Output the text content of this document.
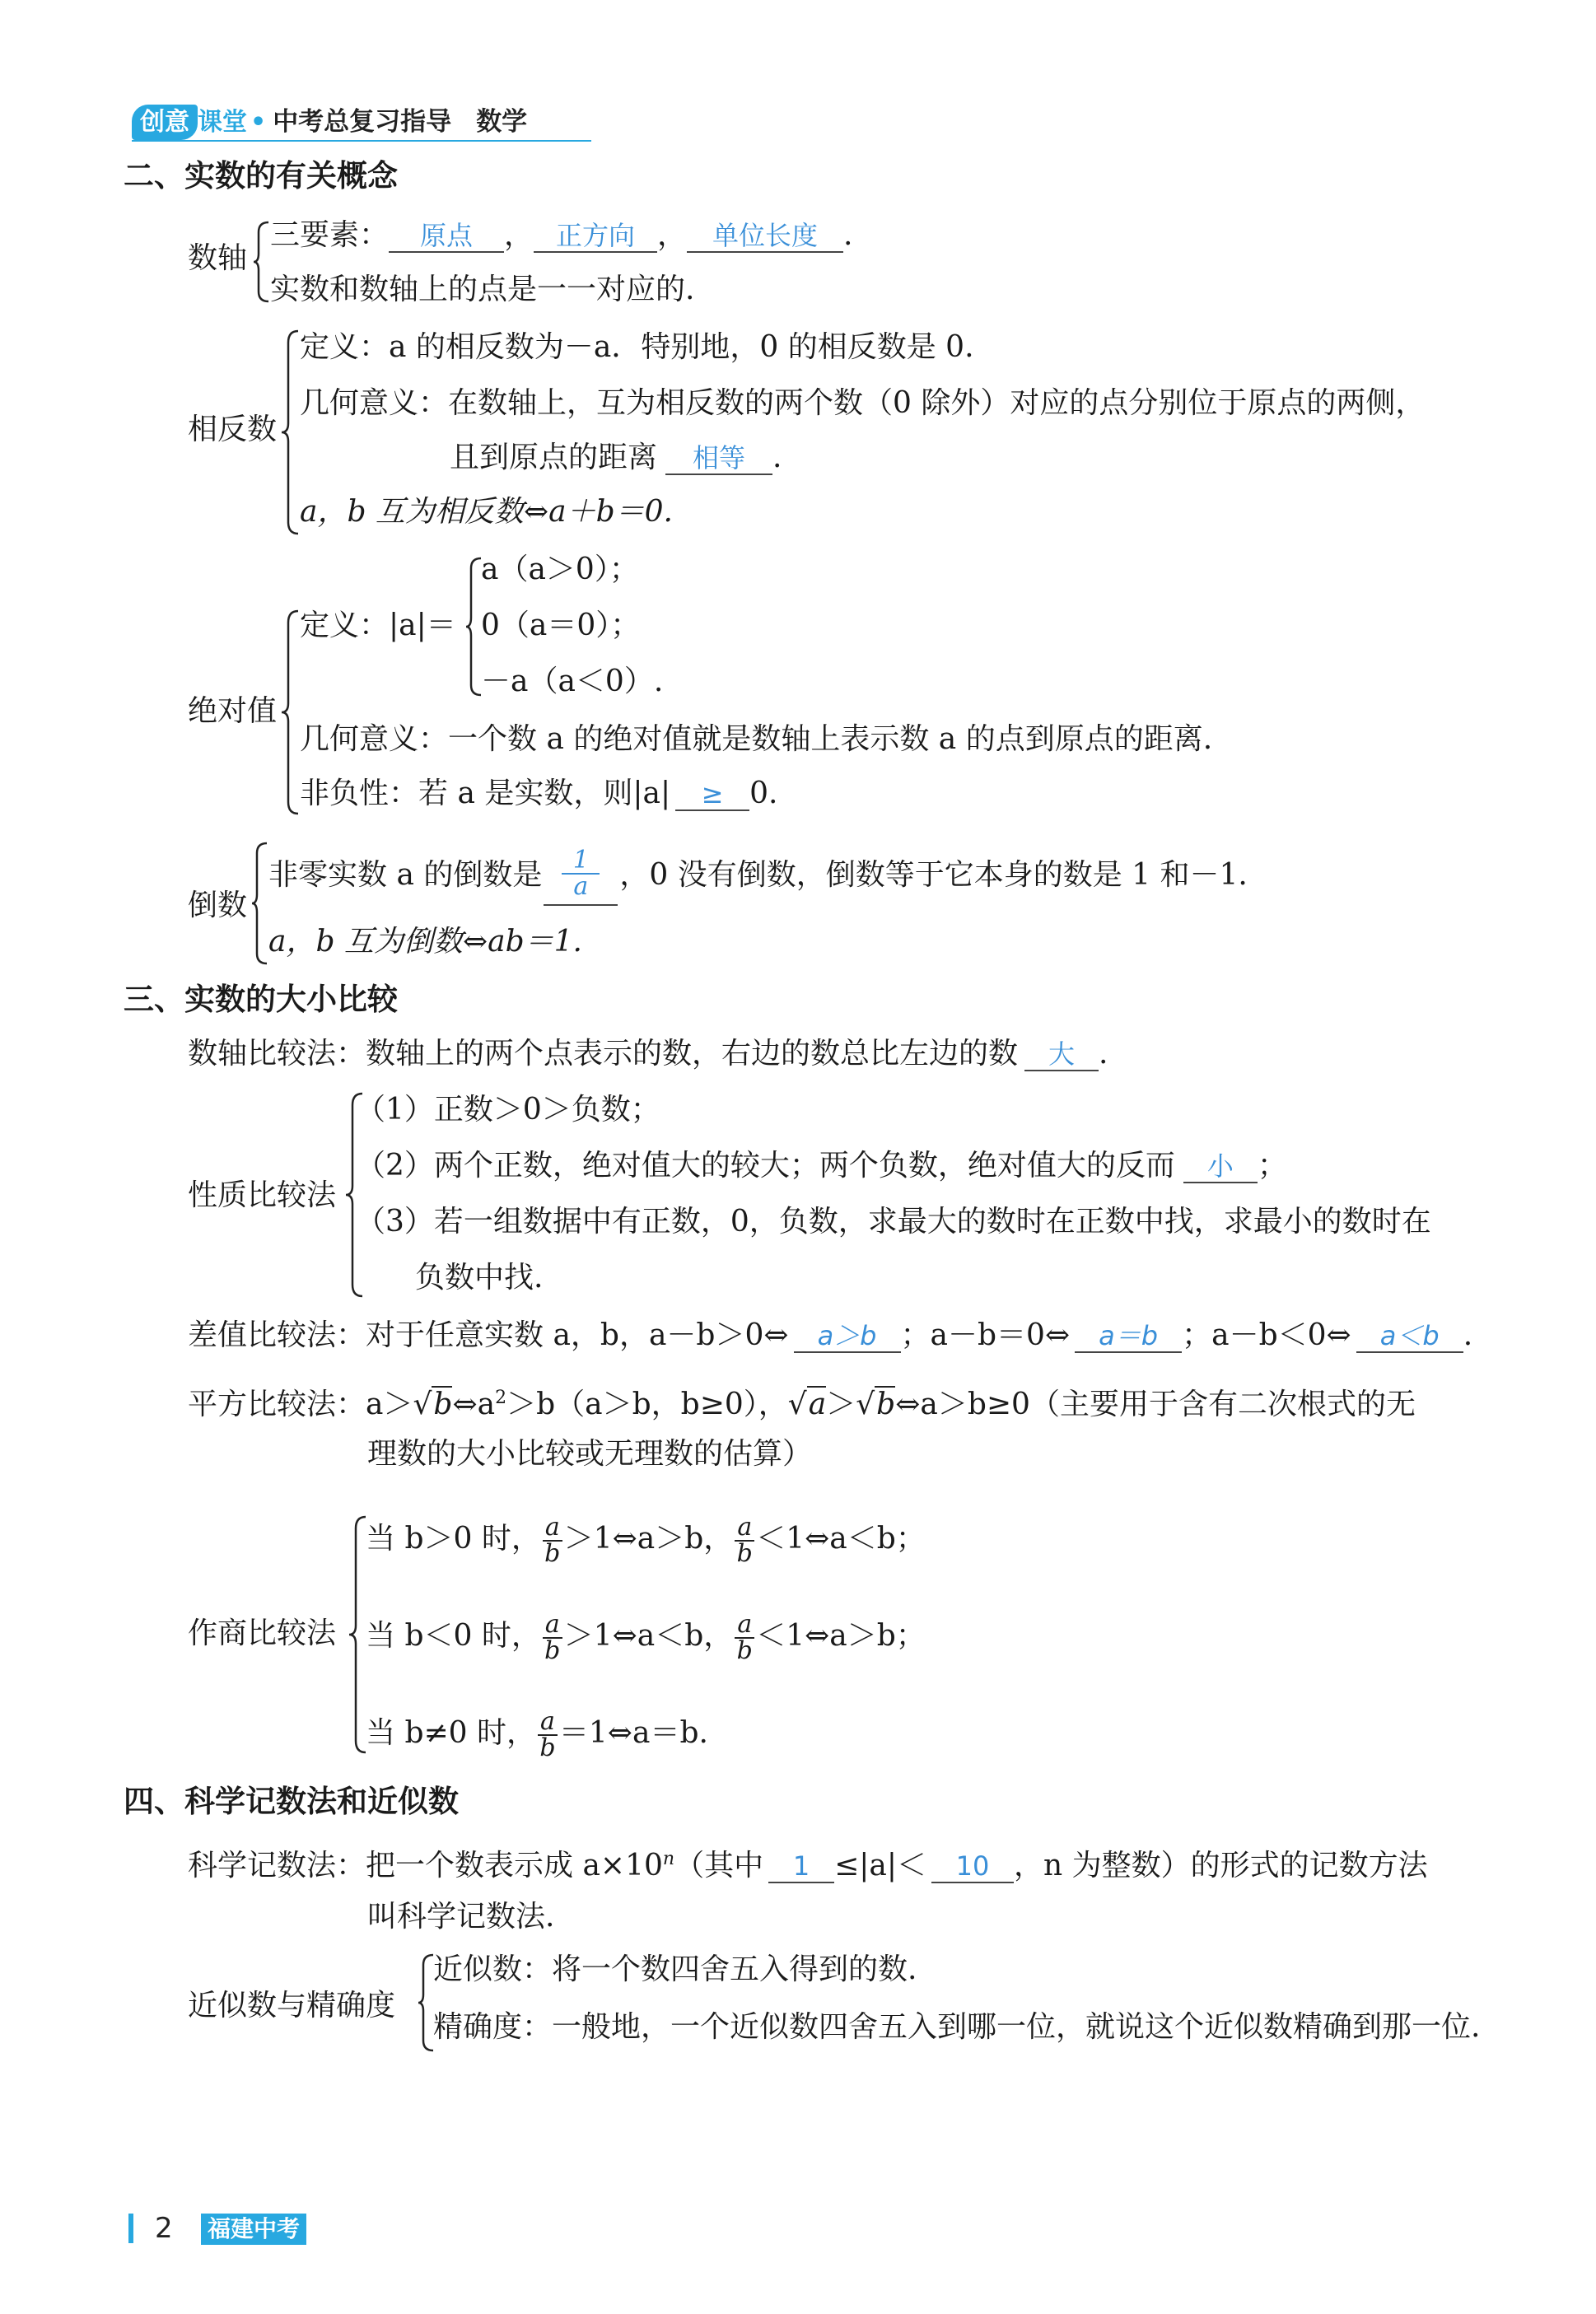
创意 课堂 • 中考总复习指导 数学
二、实数的有关概念
数轴
三要素： 原点 ， 正方向 ， 单位长度 .
实数和数轴上的点是一一对应的.
相反数
定义：a 的相反数为－a．特别地，0 的相反数是 0.
几何意义：在数轴上，互为相反数的两个数（0 除外）对应的点分别位于原点的两侧，
且到原点的距离 相等 .
a，b 互为相反数⇔a＋b＝0.
绝对值
定义：|a|＝
a（a＞0）；
0（a＝0）；
－a（a＜0）.
几何意义：一个数 a 的绝对值就是数轴上表示数 a 的点到原点的距离.
非负性：若 a 是实数，则|a| ≥ 0.
倒数
非零实数 a 的倒数是 $\frac{1}{a}$ ，0 没有倒数，倒数等于它本身的数是 1 和－1.
a，b 互为倒数⇔ab＝1.
三、实数的大小比较
数轴比较法：数轴上的两个点表示的数，右边的数总比左边的数 大 .
性质比较法
（1）正数＞0＞负数；
（2）两个正数，绝对值大的较大；两个负数，绝对值大的反而 小 ；
（3）若一组数据中有正数，0，负数，求最大的数时在正数中找，求最小的数时在
负数中找.
差值比较法：对于任意实数 a，b，a－b＞0⇔ a＞b ；a－b＝0⇔ a＝b ；a－b＜0⇔ a＜b .
平方比较法：$a>√b\Leftrightarrow a^2>b(a>b$，b≥0），√a＞√b⇔a＞b≥0（主要用于含有二次根式的无
理数的大小比较或无理数的估算）
作商比较法
当 b＞0 时， $\frac{a}{b}$ ＞1⇔a＞b， $\frac{a}{b}$ ＜1⇔a＜b；
当 b＜0 时， $\frac{a}{b}$ ＞1⇔a＜b， $\frac{a}{b}$ ＜1⇔a＞b；
当 b≠0 时， $\frac{a}{b}$ ＝1⇔a＝b.
四、科学记数法和近似数
科学记数法：把一个数表示成 $a\times 10^n$（其中 1 ≤|a|＜ 10 ，n 为整数）的形式的记数方法
叫科学记数法.
近似数与精确度
近似数：将一个数四舍五入得到的数.
精确度：一般地，一个近似数四舍五入到哪一位，就说这个近似数精确到那一位.
2 福建中考
